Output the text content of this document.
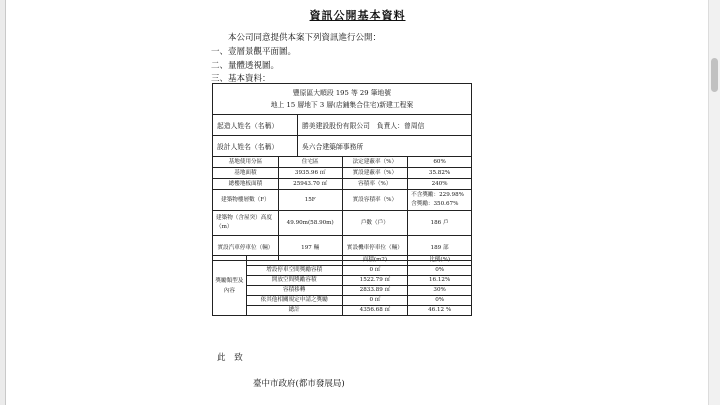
資訊公開基本資料
本公司同意提供本案下列資訊進行公開：
一、壹層景觀平面圖。
二、量體透視圖。
三、基本資料：
豐原區大順段 195 等 29 筆地號
地上 15 層地下 3 層(店鋪集合住宅)新建工程案	

起造人姓名（名稱）	勝美建設股份有限公司　負責人：曾周信
設計人姓名（名稱）	吳六合建築師事務所
基地使用分區	住宅區	法定建蔽率（%）	60%
基地面積	3935.96 ㎡	實設建蔽率（%）	35.82%
總樓地板面積	25943.70 ㎡	容積率（%）	240%
建築物樓層數（F）	15F	實設容積率（%）	不含獎勵：229.98%
含獎勵：350.67%

建築物（含屋突）高度（m）	49.90m(58.90m)	戶數（戶）	186 戶
實設汽車停車位（輛）	197 輛	實設機車停車位（輛）	189 部
獎勵類型及內容		面積(m2)	比例(%)
	增設停車空間獎勵容積	0 ㎡	0%
	開放空間獎勵容積	1522.79 ㎡	16.12%
	容積移轉	2833.89 ㎡	30%
	依其他相關規定申請之獎勵	0 ㎡	0%
	總計	4356.68 ㎡	46.12 %
此 致
臺中市政府(都市發展局)
